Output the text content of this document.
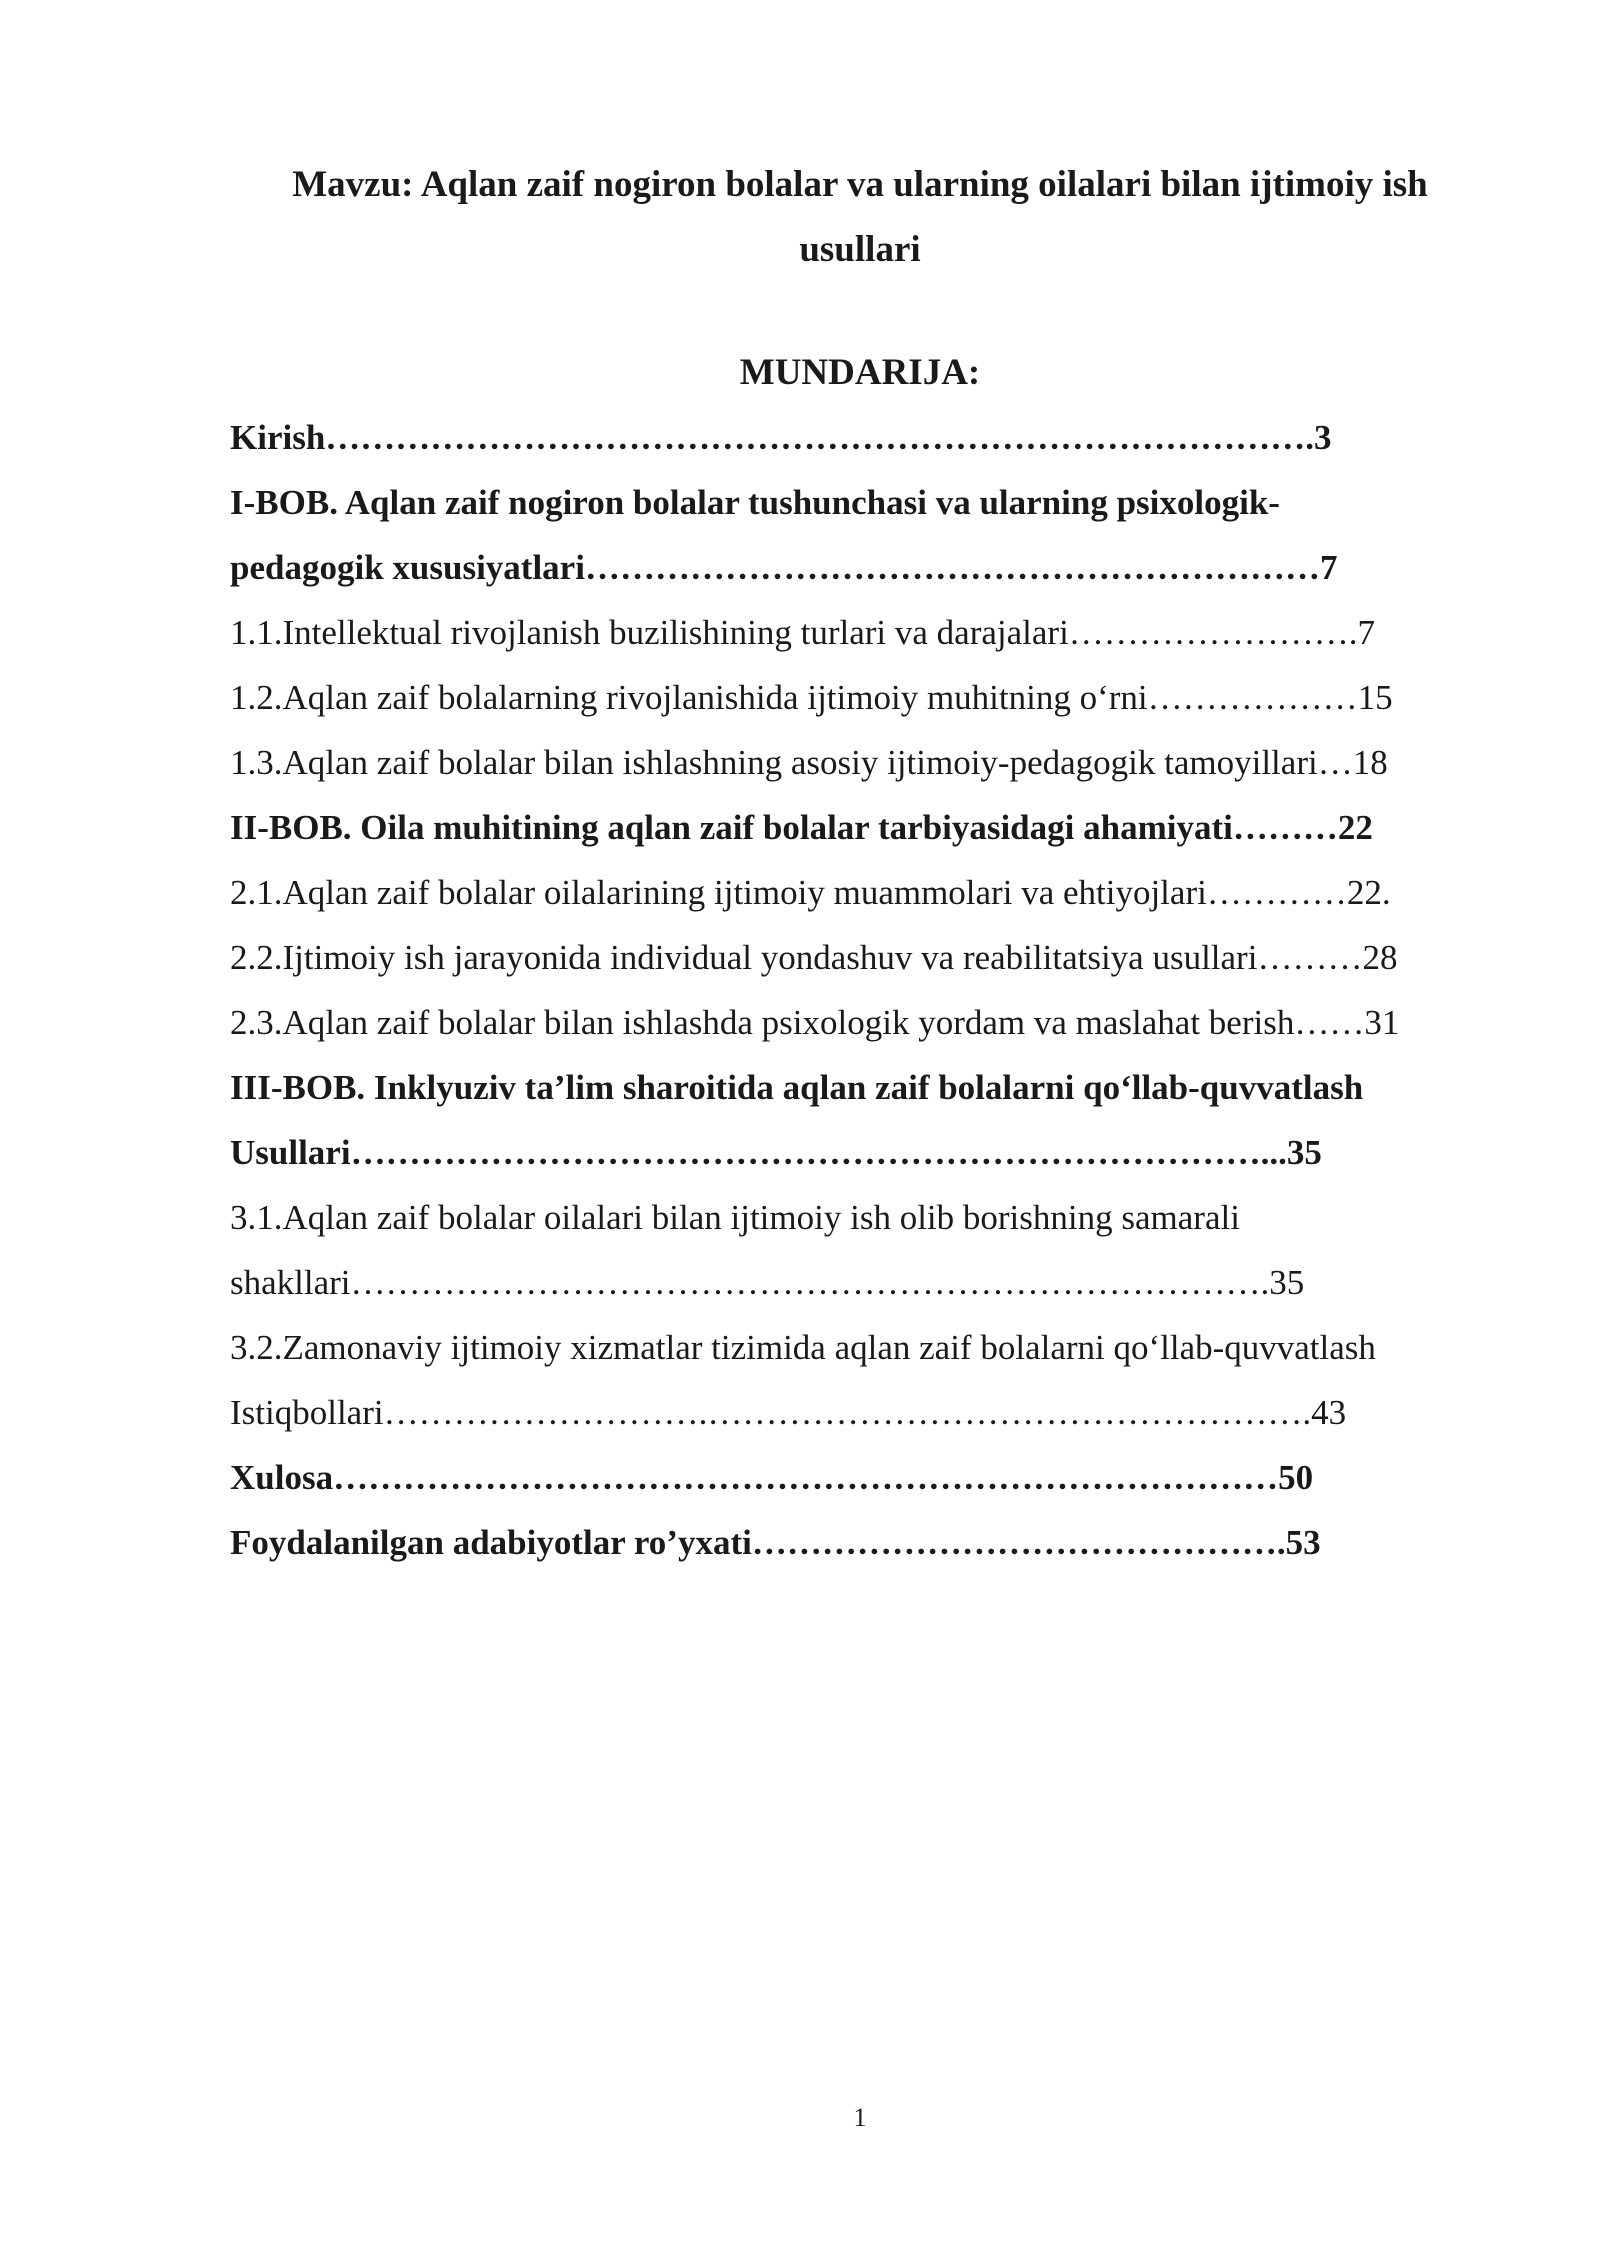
Mavzu: Aqlan zaif nogiron bolalar va ularning oilalari bilan ijtimoiy ish
usullari
MUNDARIJA:
Kirish………………………………………………………………………….3
I-BOB. Aqlan zaif nogiron bolalar tushunchasi va ularning psixologik-
pedagogik xususiyatlari………………………………………………………7
1.1.Intellektual rivojlanish buzilishining turlari va darajalari…………………….7
1.2.Aqlan zaif bolalarning rivojlanishida ijtimoiy muhitning oʻrni………………15
1.3.Aqlan zaif bolalar bilan ishlashning asosiy ijtimoiy-pedagogik tamoyillari…18
II-BOB. Oila muhitining aqlan zaif bolalar tarbiyasidagi ahamiyati………22
2.1.Aqlan zaif bolalar oilalarining ijtimoiy muammolari va ehtiyojlari…………22.
2.2.Ijtimoiy ish jarayonida individual yondashuv va reabilitatsiya usullari………28
2.3.Aqlan zaif bolalar bilan ishlashda psixologik yordam va maslahat berish……31
III-BOB. Inklyuziv ta’lim sharoitida aqlan zaif bolalarni qoʻllab-quvvatlash
Usullari……………………………………………………………………...35
3.1.Aqlan zaif bolalar oilalari bilan ijtimoiy ish olib borishning samarali
shakllari…………………………………………………………………….35
3.2.Zamonaviy ijtimoiy xizmatlar tizimida aqlan zaif bolalarni qoʻllab-quvvatlash
Istiqbollari……………………….…………………………………………….43
Xulosa………………………………………………………………………50
Foydalanilgan adabiyotlar ro’yxati……………………………………….53
1
